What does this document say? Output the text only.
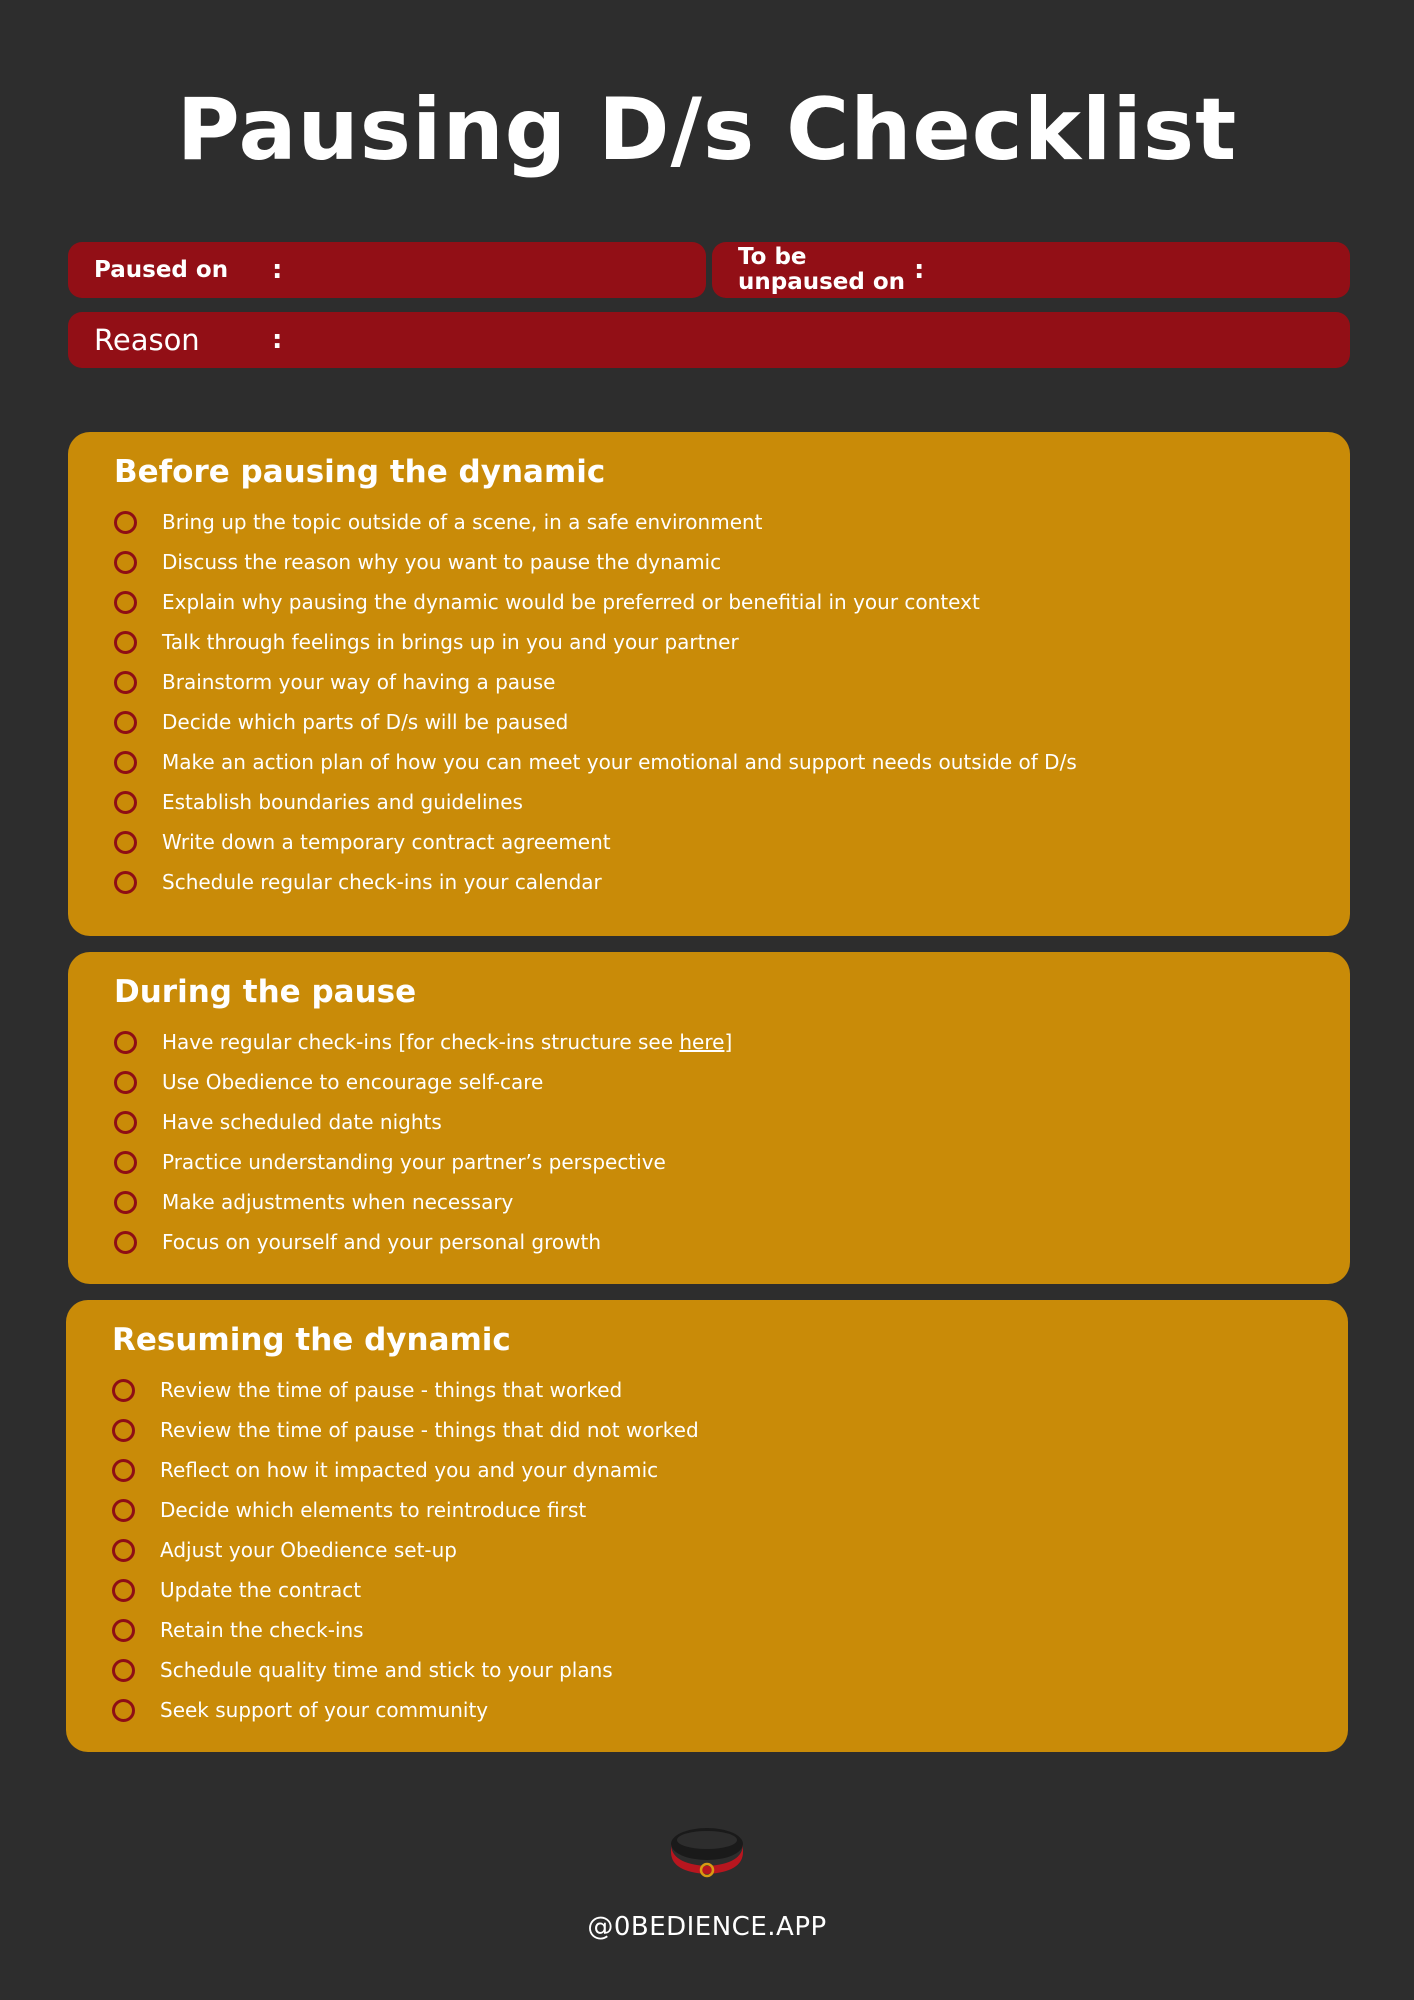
Pausing D/s Checklist
Paused on :	To be unpaused on :
Reason	:
Before pausing the dynamic
Bring up the topic outside of a scene, in a safe environment
Discuss the reason why you want to pause the dynamic
Explain why pausing the dynamic would be preferred or benefitial in your context
Talk through feelings in brings up in you and your partner
Brainstorm your way of having a pause
Decide which parts of D/s will be paused
Make an action plan of how you can meet your emotional and support needs outside of D/s
Establish boundaries and guidelines
Write down a temporary contract agreement
Schedule regular check-ins in your calendar
During the pause
Have regular check-ins [for check-ins structure see here]
Use Obedience to encourage self-care
Have scheduled date nights
Practice understanding your partner’s perspective
Make adjustments when necessary
Focus on yourself and your personal growth
Resuming the dynamic
Review the time of pause - things that worked
Review the time of pause - things that did not worked
Reflect on how it impacted you and your dynamic
Decide which elements to reintroduce first
Adjust your Obedience set-up
Update the contract
Retain the check-ins
Schedule quality time and stick to your plans
Seek support of your community
@0BEDIENCE.APP
